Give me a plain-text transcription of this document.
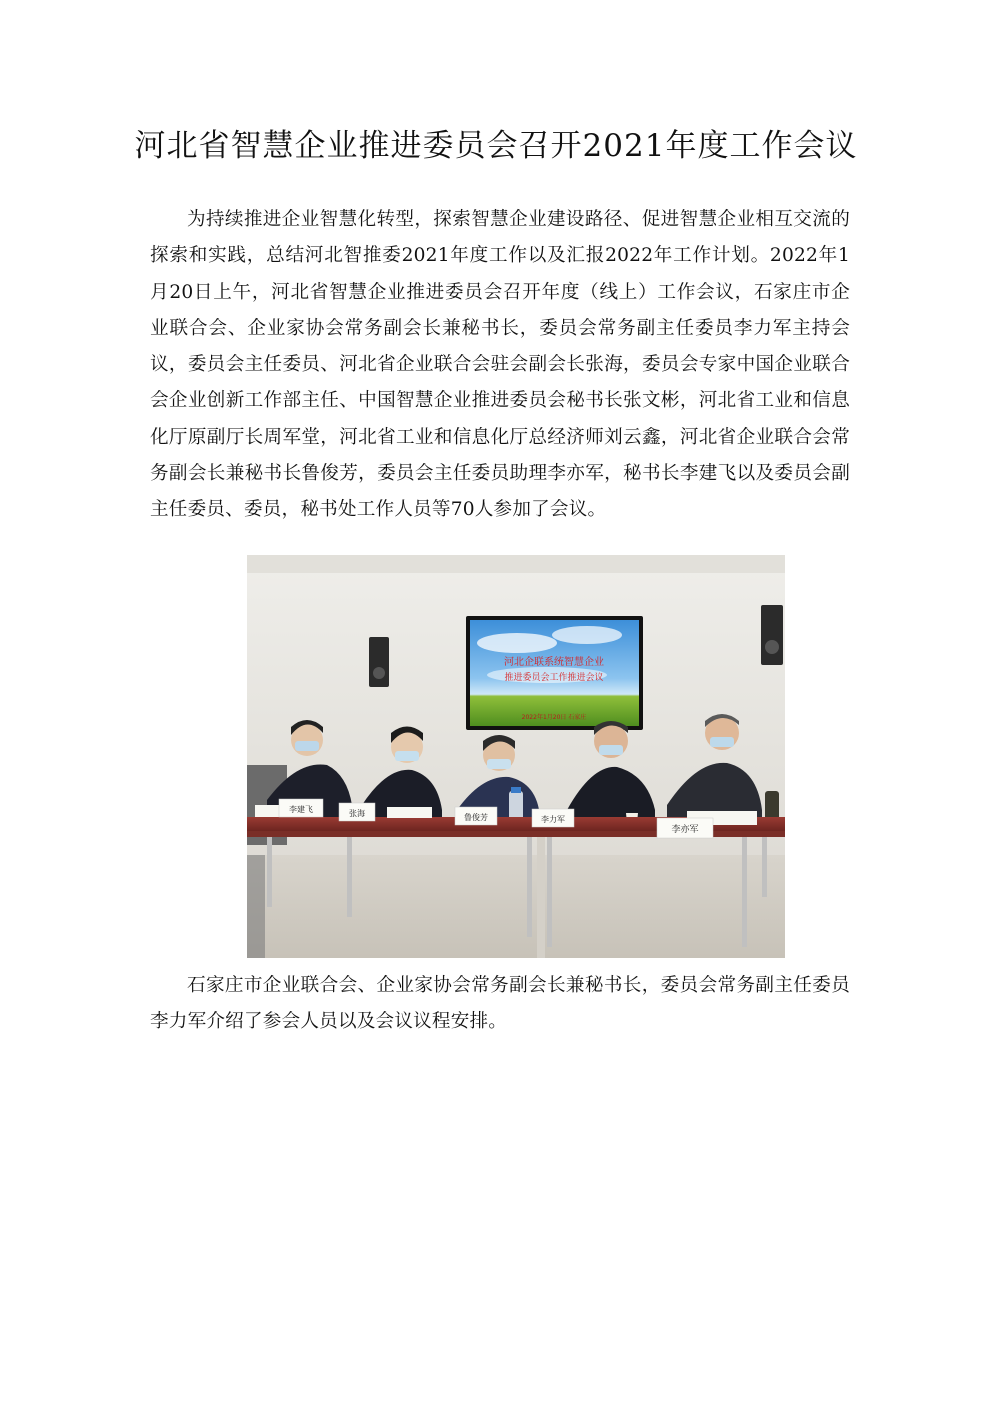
河北省智慧企业推进委员会召开2021年度工作会议

为持续推进企业智慧化转型，探索智慧企业建设路径、促进智慧企业相互交流的探索和实践，总结河北智推委2021年度工作以及汇报2022年工作计划。2022年1月20日上午，河北省智慧企业推进委员会召开年度（线上）工作会议，石家庄市企业联合会、企业家协会常务副会长兼秘书长，委员会常务副主任委员李力军主持会议，委员会主任委员、河北省企业联合会驻会副会长张海，委员会专家中国企业联合会企业创新工作部主任、中国智慧企业推进委员会秘书长张文彬，河北省工业和信息化厅原副厅长周军堂，河北省工业和信息化厅总经济师刘云鑫，河北省企业联合会常务副会长兼秘书长鲁俊芳，委员会主任委员助理李亦军，秘书长李建飞以及委员会副主任委员、委员，秘书处工作人员等70人参加了会议。

河北企联系统智慧企业
推进委员会工作推进会议
2022年1月20日 石家庄
李建飞	张海	鲁俊芳	李力军
李亦军

石家庄市企业联合会、企业家协会常务副会长兼秘书长，委员会常务副主任委员李力军介绍了参会人员以及会议议程安排。
